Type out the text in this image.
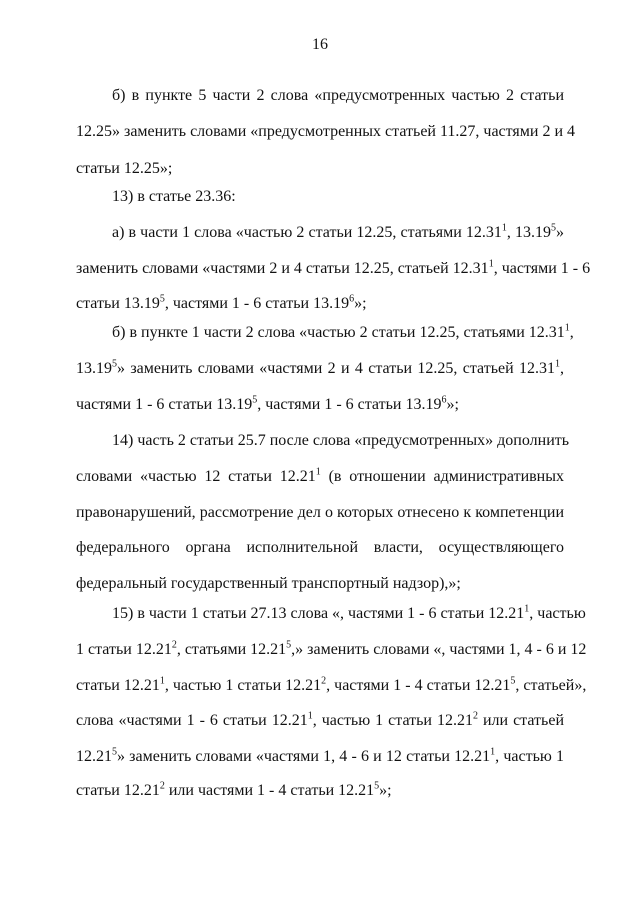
16
б) в пункте 5 части 2 слова «предусмотренных частью 2 статьи
12.25» заменить словами «предусмотренных статьей 11.27, частями 2 и 4
статьи 12.25»;
13) в статье 23.36:
а) в части 1 слова «частью 2 статьи 12.25, статьями 12.31$^1$, 13.19$^5$»
заменить словами «частями 2 и 4 статьи 12.25, статьей 12.31$^1$, частями 1 - 6
статьи 13.19$^5$, частями 1 - 6 статьи 13.19$^6$»;
б) в пункте 1 части 2 слова «частью 2 статьи 12.25, статьями 12.31$^1$,
13.19$^5$» заменить словами «частями 2 и 4 статьи 12.25, статьей 12.31$^1$,
частями 1 - 6 статьи 13.19$^5$, частями 1 - 6 статьи 13.19$^6$»;
14) часть 2 статьи 25.7 после слова «предусмотренных» дополнить
словами «частью 12 статьи 12.21$^1$ (в отношении административных
правонарушений, рассмотрение дел о которых отнесено к компетенции
федерального органа исполнительной власти, осуществляющего
федеральный государственный транспортный надзор),»;
15) в части 1 статьи 27.13 слова «, частями 1 - 6 статьи 12.21$^1$, частью
1 статьи 12.21$^2$, статьями 12.21$^5$,» заменить словами «, частями 1, 4 - 6 и 12
статьи 12.21$^1$, частью 1 статьи 12.21$^2$, частями 1 - 4 статьи 12.21$^5$, статьей»,
слова «частями 1 - 6 статьи 12.21$^1$, частью 1 статьи 12.21$^2$ или статьей
12.21$^5$» заменить словами «частями 1, 4 - 6 и 12 статьи 12.21$^1$, частью 1
статьи 12.21$^2$ или частями 1 - 4 статьи 12.21$^5$»;
